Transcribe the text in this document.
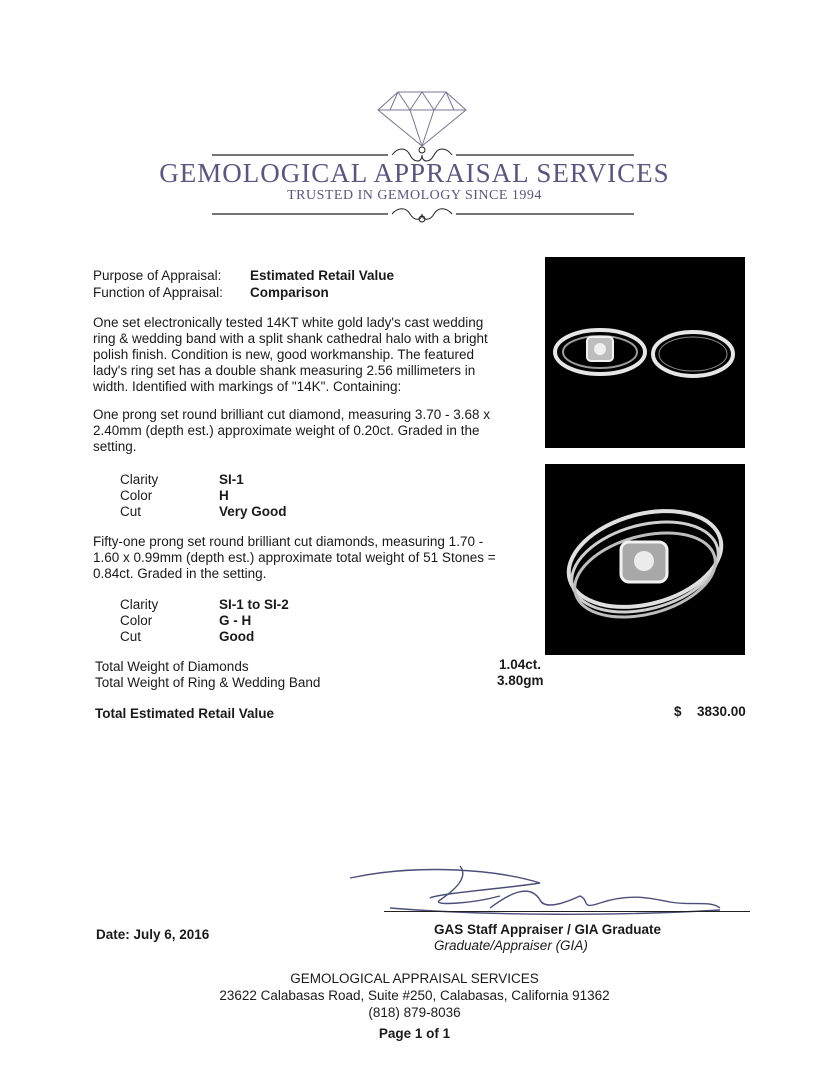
GEMOLOGICAL APPRAISAL SERVICES
TRUSTED IN GEMOLOGY SINCE 1994
Purpose of Appraisal: Estimated Retail Value
Function of Appraisal: Comparison
One set electronically tested 14KT white gold lady's cast wedding ring & wedding band with a split shank cathedral halo with a bright polish finish. Condition is new, good workmanship. The featured lady's ring set has a double shank measuring 2.56 millimeters in width. Identified with markings of "14K". Containing:
One prong set round brilliant cut diamond, measuring 3.70 - 3.68 x 2.40mm (depth est.) approximate weight of 0.20ct. Graded in the setting.
Clarity	SI-1
Color	H
Cut	Very Good
Fifty-one prong set round brilliant cut diamonds, measuring 1.70 - 1.60 x 0.99mm (depth est.) approximate total weight of 51 Stones = 0.84ct. Graded in the setting.
Clarity	SI-1 to SI-2
Color	G - H
Cut	Good
Total Weight of Diamonds	1.04ct.
Total Weight of Ring & Wedding Band	3.80gm
Total Estimated Retail Value	$ 3830.00
Date: July 6, 2016	GAS Staff Appraiser / GIA Graduate
Graduate/Appraiser (GIA)
GEMOLOGICAL APPRAISAL SERVICES
23622 Calabasas Road, Suite #250, Calabasas, California 91362
(818) 879-8036
Page 1 of 1
